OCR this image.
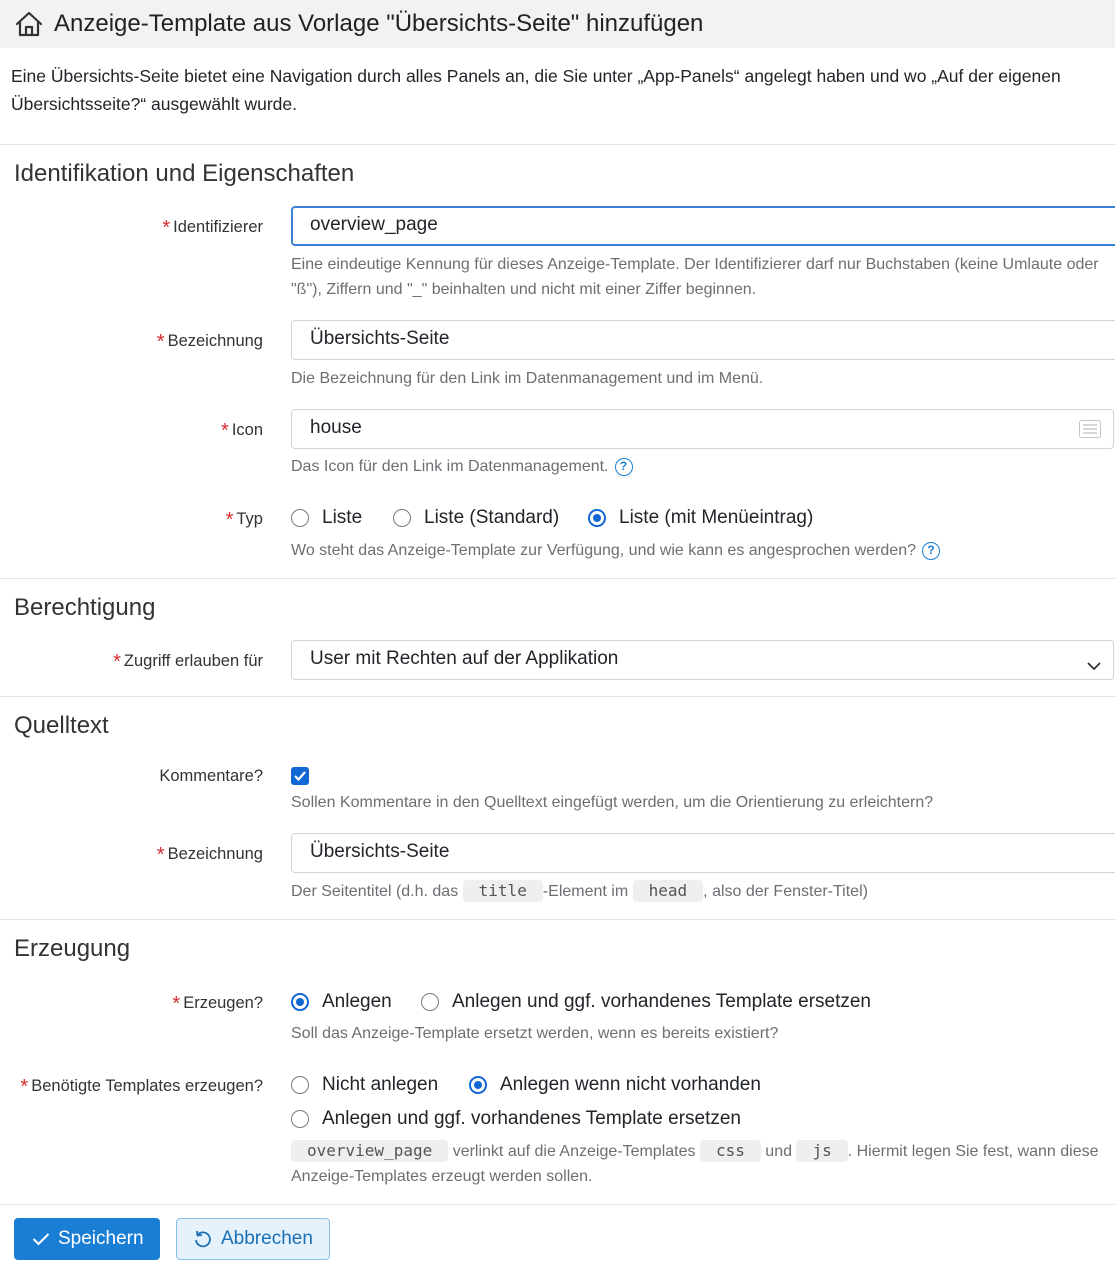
Anzeige-Template aus Vorlage "Übersichts-Seite" hinzufügen
Eine Übersichts-Seite bietet eine Navigation durch alles Panels an, die Sie unter „App-Panels“ angelegt haben und wo „Auf der eigenen Übersichtsseite?“ ausgewählt wurde.
Identifikation und Eigenschaften
* Identifizierer	overview_page
Eine eindeutige Kennung für dieses Anzeige-Template. Der Identifizierer darf nur Buchstaben (keine Umlaute oder "ß"), Ziffern und "_" beinhalten und nicht mit einer Ziffer beginnen.
* Bezeichnung	Übersichts-Seite
Die Bezeichnung für den Link im Datenmanagement und im Menü.
* Icon	house
Das Icon für den Link im Datenmanagement. ?
* Typ	Liste	Liste (Standard)	Liste (mit Menüeintrag)
Wo steht das Anzeige-Template zur Verfügung, und wie kann es angesprochen werden? ?
Berechtigung
* Zugriff erlauben für	User mit Rechten auf der Applikation
Quelltext
Kommentare?
Sollen Kommentare in den Quelltext eingefügt werden, um die Orientierung zu erleichtern?
* Bezeichnung	Übersichts-Seite
Der Seitentitel (d.h. das title -Element im head , also der Fenster-Titel)
Erzeugung
* Erzeugen?	Anlegen	Anlegen und ggf. vorhandenes Template ersetzen
Soll das Anzeige-Template ersetzt werden, wenn es bereits existiert?
* Benötigte Templates erzeugen?	Nicht anlegen	Anlegen wenn nicht vorhanden
Anlegen und ggf. vorhandenes Template ersetzen
overview_page verlinkt auf die Anzeige-Templates css und js . Hiermit legen Sie fest, wann diese Anzeige-Templates erzeugt werden sollen.
Speichern	Abbrechen
